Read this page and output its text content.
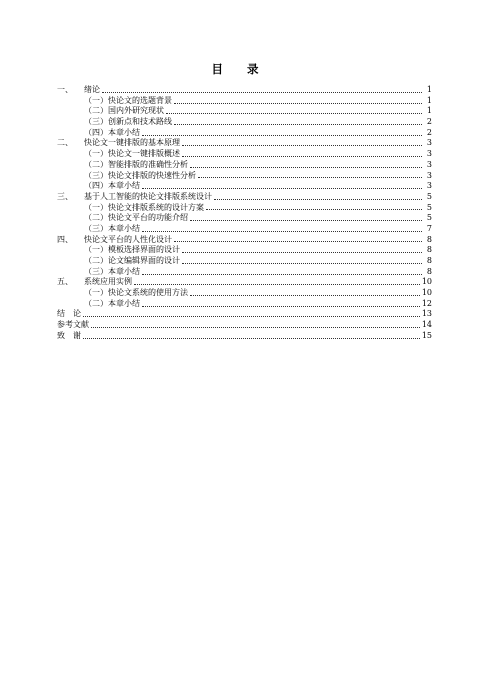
目 录
一、	绪论	1
（一）快论文的选题背景	1
（二）国内外研究现状	1
（三）创新点和技术路线	2
（四）本章小结	2
二、	快论文一键排版的基本原理	3
（一）快论文一键排版概述	3
（二）智能排版的准确性分析	3
（三）快论文排版的快速性分析	3
（四）本章小结	3
三、	基于人工智能的快论文排版系统设计	5
（一）快论文排版系统的设计方案	5
（二）快论文平台的功能介绍	5
（三）本章小结	7
四、	快论文平台的人性化设计	8
（一）模板选择界面的设计	8
（二）论文编辑界面的设计	8
（三）本章小结	8
五、	系统应用实例	10
（一）快论文系统的使用方法	10
（二）本章小结	12
结　论	13
参考文献	14
致　谢	15
